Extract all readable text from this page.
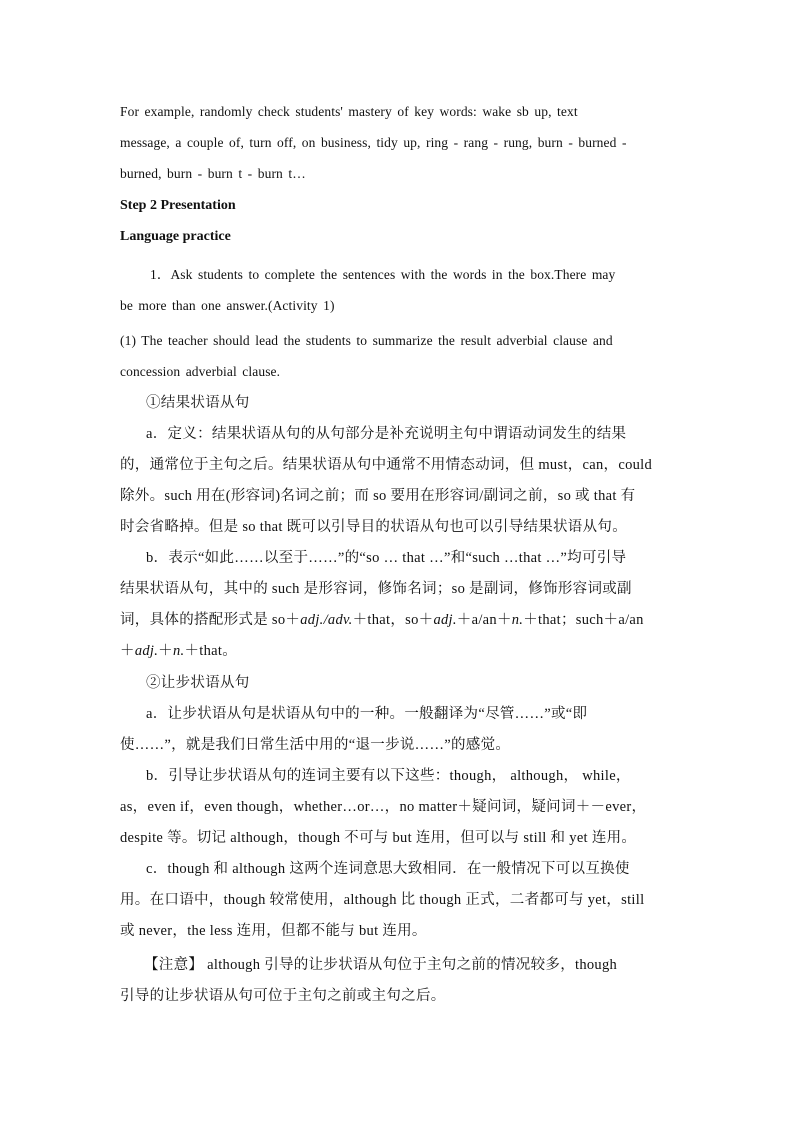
For example, randomly check students' mastery of key words: wake sb up, text

message, a couple of, turn off, on business, tidy up, ring - rang - rung, burn - burned -

burned, burn - burn t - burn t…

Step 2 Presentation

Language practice

1．Ask students to complete the sentences with the words in the box.There may

be more than one answer.(Activity 1)

(1) The teacher should lead the students to summarize the result adverbial clause and

concession adverbial clause.

①结果状语从句

a．定义：结果状语从句的从句部分是补充说明主句中谓语动词发生的结果

的，通常位于主句之后。结果状语从句中通常不用情态动词，但 must，can，could

除外。such 用在(形容词)名词之前；而 so 要用在形容词/副词之前，so 或 that 有

时会省略掉。但是 so that 既可以引导目的状语从句也可以引导结果状语从句。

b．表示“如此……以至于……”的“so … that …”和“such …that …”均可引导

结果状语从句，其中的 such 是形容词，修饰名词；so 是副词，修饰形容词或副

词，具体的搭配形式是 so＋adj./adv.＋that，so＋adj.＋a/an＋n.＋that；such＋a/an

＋adj.＋n.＋that。

②让步状语从句

a．让步状语从句是状语从句中的一种。一般翻译为“尽管……”或“即

使……”，就是我们日常生活中用的“退一步说……”的感觉。

b．引导让步状语从句的连词主要有以下这些：though， although， while，

as，even if，even though，whether…or…，no matter＋疑问词，疑问词＋－ever，

despite 等。切记 although，though 不可与 but 连用，但可以与 still 和 yet 连用。

c．though 和 although 这两个连词意思大致相同．在一般情况下可以互换使

用。在口语中，though 较常使用，although 比 though 正式，二者都可与 yet，still

或 never，the less 连用，但都不能与 but 连用。

【注意】 although 引导的让步状语从句位于主句之前的情况较多，though

引导的让步状语从句可位于主句之前或主句之后。
